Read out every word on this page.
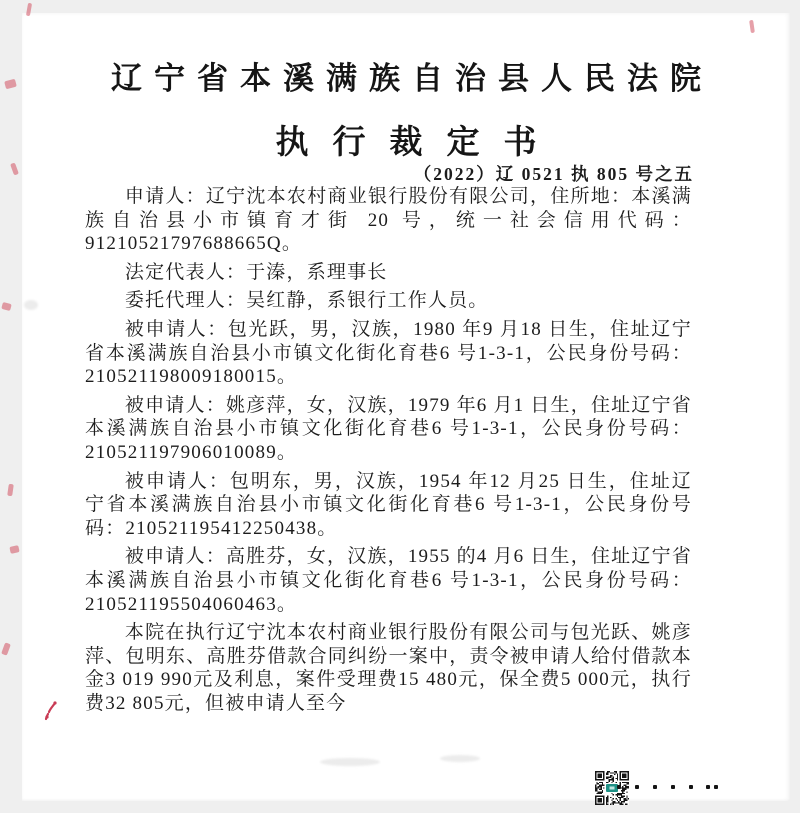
辽宁省本溪满族自治县人民法院
执行裁定书
（2022）辽 0521 执 805 号之五

申请人：辽宁沈本农村商业银行股份有限公司，住所地：本溪满族自治县小市镇育才街 20 号，统一社会信用代码：91210521797688665Q。

法定代表人：于溱，系理事长

委托代理人：吴红静，系银行工作人员。

被申请人：包光跃，男，汉族，1980 年9 月18 日生，住址辽宁省本溪满族自治县小市镇文化街化育巷6 号1-3-1，公民身份号码：210521198009180015。

被申请人：姚彦萍，女，汉族，1979 年6 月1 日生，住址辽宁省本溪满族自治县小市镇文化街化育巷6 号1-3-1，公民身份号码：210521197906010089。

被申请人：包明东，男，汉族，1954 年12 月25 日生，住址辽宁省本溪满族自治县小市镇文化街化育巷6 号1-3-1，公民身份号码：210521195412250438。

被申请人：高胜芬，女，汉族，1955 的4 月6 日生，住址辽宁省本溪满族自治县小市镇文化街化育巷6 号1-3-1，公民身份号码：210521195504060463。

本院在执行辽宁沈本农村商业银行股份有限公司与包光跃、姚彦萍、包明东、高胜芬借款合同纠纷一案中，责令被申请人给付借款本金3 019 990元及利息，案件受理费15 480元，保全费5 000元，执行费32 805元，但被申请人至今
